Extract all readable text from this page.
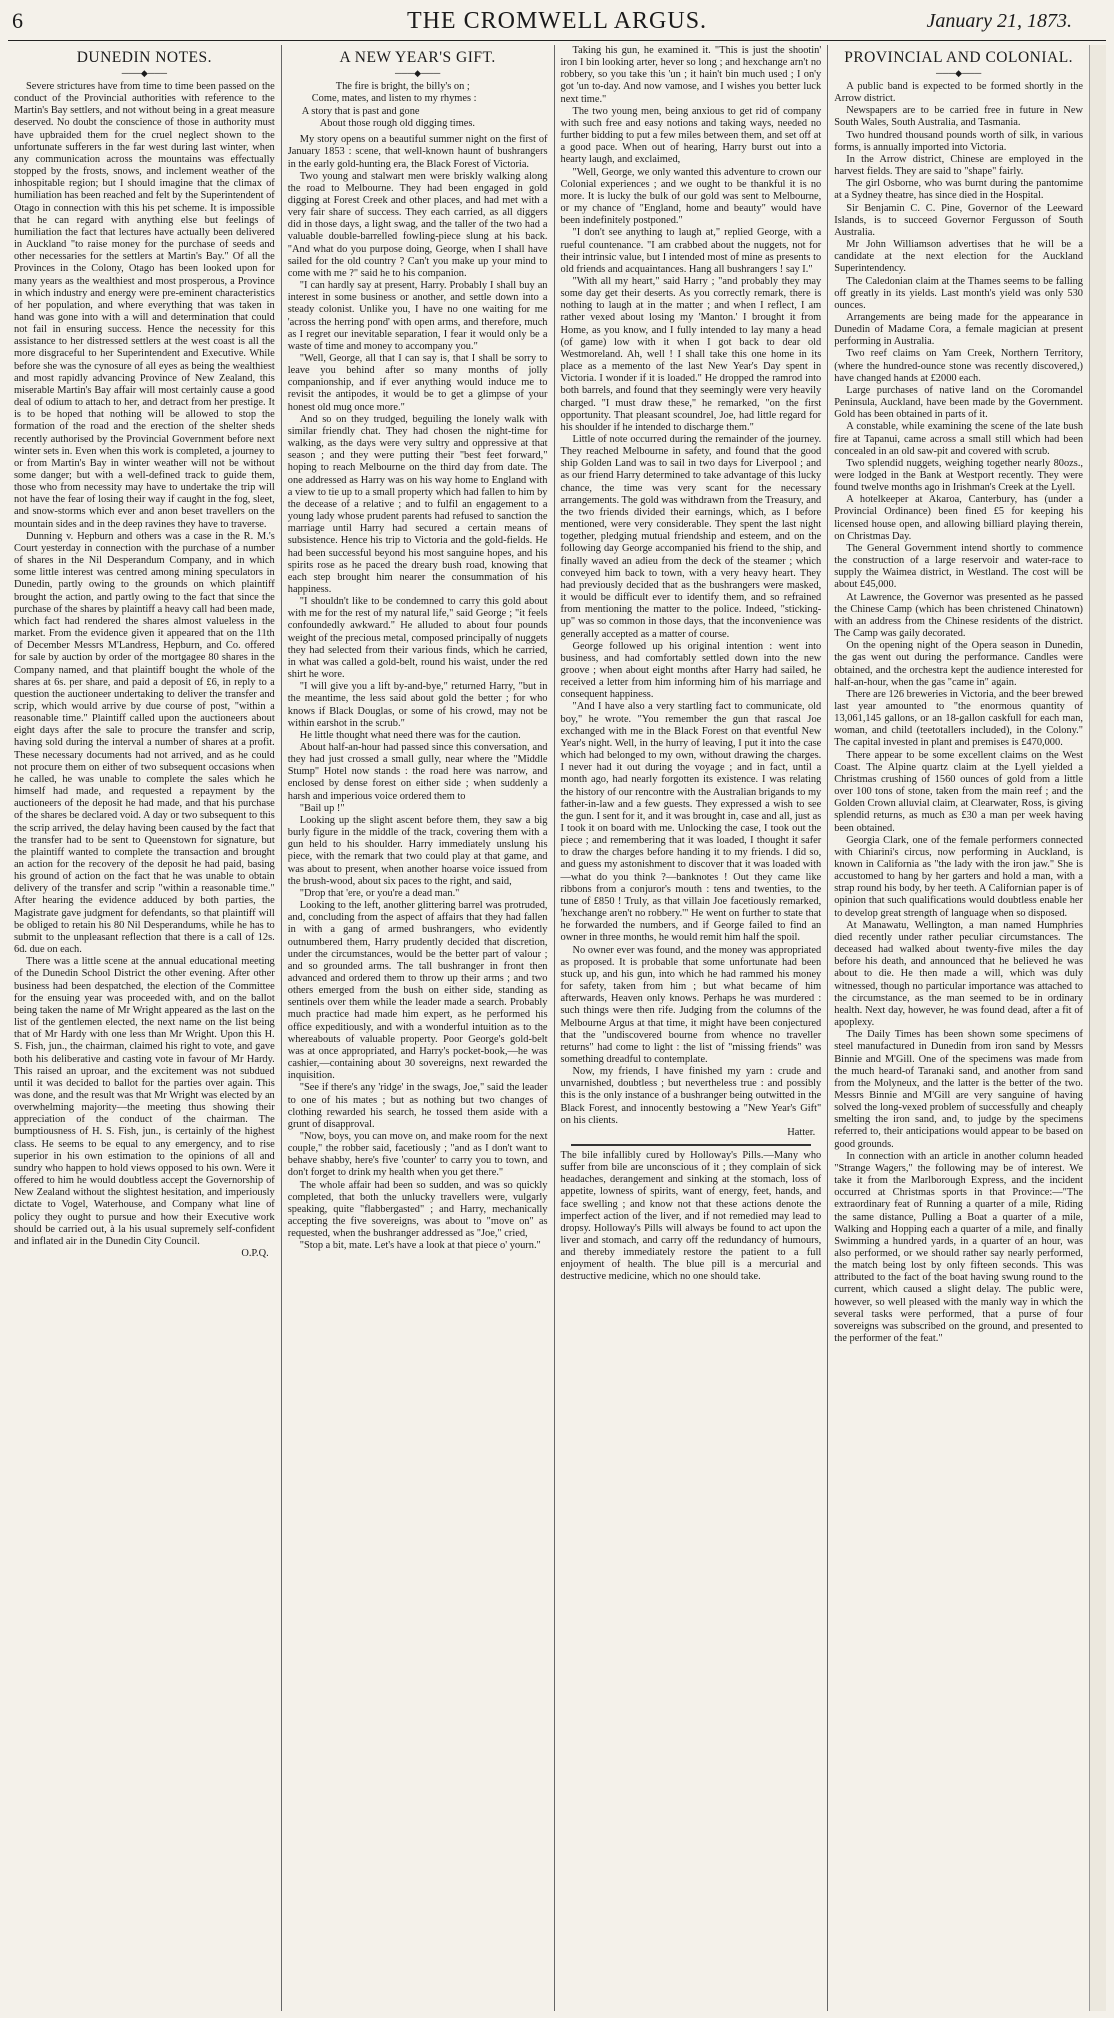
6	THE CROMWELL ARGUS.	January 21, 1873.
DUNEDIN NOTES.
───◆───

Severe strictures have from time to time been passed on the conduct of the Provincial authorities with reference to the Martin's Bay settlers, and not without being in a great measure deserved. No doubt the conscience of those in authority must have upbraided them for the cruel neglect shown to the unfortunate sufferers in the far west during last winter, when any communication across the mountains was effectually stopped by the frosts, snows, and inclement weather of the inhospitable region; but I should imagine that the climax of humiliation has been reached and felt by the Superintendent of Otago in connection with this his pet scheme. It is impossible that he can regard with anything else but feelings of humiliation the fact that lectures have actually been delivered in Auckland "to raise money for the purchase of seeds and other necessaries for the settlers at Martin's Bay." Of all the Provinces in the Colony, Otago has been looked upon for many years as the wealthiest and most prosperous, a Province in which industry and energy were pre-eminent characteristics of her population, and where everything that was taken in hand was gone into with a will and determination that could not fail in ensuring success. Hence the necessity for this assistance to her distressed settlers at the west coast is all the more disgraceful to her Superintendent and Executive. While before she was the cynosure of all eyes as being the wealthiest and most rapidly advancing Province of New Zealand, this miserable Martin's Bay affair will most certainly cause a good deal of odium to attach to her, and detract from her prestige. It is to be hoped that nothing will be allowed to stop the formation of the road and the erection of the shelter sheds recently authorised by the Provincial Government before next winter sets in. Even when this work is completed, a journey to or from Martin's Bay in winter weather will not be without some danger; but with a well-defined track to guide them, those who from necessity may have to undertake the trip will not have the fear of losing their way if caught in the fog, sleet, and snow-storms which ever and anon beset travellers on the mountain sides and in the deep ravines they have to traverse.

Dunning v. Hepburn and others was a case in the R. M.'s Court yesterday in connection with the purchase of a number of shares in the Nil Desperandum Company, and in which some little interest was centred among mining speculators in Dunedin, partly owing to the grounds on which plaintiff brought the action, and partly owing to the fact that since the purchase of the shares by plaintiff a heavy call had been made, which fact had rendered the shares almost valueless in the market. From the evidence given it appeared that on the 11th of December Messrs M'Landress, Hepburn, and Co. offered for sale by auction by order of the mortgagee 80 shares in the Company named, and that plaintiff bought the whole of the shares at 6s. per share, and paid a deposit of £6, in reply to a question the auctioneer undertaking to deliver the transfer and scrip, which would arrive by due course of post, "within a reasonable time." Plaintiff called upon the auctioneers about eight days after the sale to procure the transfer and scrip, having sold during the interval a number of shares at a profit. These necessary documents had not arrived, and as he could not procure them on either of two subsequent occasions when he called, he was unable to complete the sales which he himself had made, and requested a repayment by the auctioneers of the deposit he had made, and that his purchase of the shares be declared void. A day or two subsequent to this the scrip arrived, the delay having been caused by the fact that the transfer had to be sent to Queenstown for signature, but the plaintiff wanted to complete the transaction and brought an action for the recovery of the deposit he had paid, basing his ground of action on the fact that he was unable to obtain delivery of the transfer and scrip "within a reasonable time." After hearing the evidence adduced by both parties, the Magistrate gave judgment for defendants, so that plaintiff will be obliged to retain his 80 Nil Desperandums, while he has to submit to the unpleasant reflection that there is a call of 12s. 6d. due on each.

There was a little scene at the annual educational meeting of the Dunedin School District the other evening. After other business had been despatched, the election of the Committee for the ensuing year was proceeded with, and on the ballot being taken the name of Mr Wright appeared as the last on the list of the gentlemen elected, the next name on the list being that of Mr Hardy with one less than Mr Wright. Upon this H. S. Fish, jun., the chairman, claimed his right to vote, and gave both his deliberative and casting vote in favour of Mr Hardy. This raised an uproar, and the excitement was not subdued until it was decided to ballot for the parties over again. This was done, and the result was that Mr Wright was elected by an overwhelming majority—the meeting thus showing their appreciation of the conduct of the chairman. The bumptiousness of H. S. Fish, jun., is certainly of the highest class. He seems to be equal to any emergency, and to rise superior in his own estimation to the opinions of all and sundry who happen to hold views opposed to his own. Were it offered to him he would doubtless accept the Governorship of New Zealand without the slightest hesitation, and imperiously dictate to Vogel, Waterhouse, and Company what line of policy they ought to pursue and how their Executive work should be carried out, à la his usual supremely self-confident and inflated air in the Dunedin City Council.

O.P.Q.
A NEW YEAR'S GIFT.
───◆───
The fire is bright, the billy's on ;
Come, mates, and listen to my rhymes :
A story that is past and gone
About those rough old digging times.

My story opens on a beautiful summer night on the first of January 1853 : scene, that well-known haunt of bushrangers in the early gold-hunting era, the Black Forest of Victoria.

Two young and stalwart men were briskly walking along the road to Melbourne. They had been engaged in gold digging at Forest Creek and other places, and had met with a very fair share of success. They each carried, as all diggers did in those days, a light swag, and the taller of the two had a valuable double-barrelled fowling-piece slung at his back. "And what do you purpose doing, George, when I shall have sailed for the old country ? Can't you make up your mind to come with me ?" said he to his companion.

"I can hardly say at present, Harry. Probably I shall buy an interest in some business or another, and settle down into a steady colonist. Unlike you, I have no one waiting for me 'across the herring pond' with open arms, and therefore, much as I regret our inevitable separation, I fear it would only be a waste of time and money to accompany you."

"Well, George, all that I can say is, that I shall be sorry to leave you behind after so many months of jolly companionship, and if ever anything would induce me to revisit the antipodes, it would be to get a glimpse of your honest old mug once more."

And so on they trudged, beguiling the lonely walk with similar friendly chat. They had chosen the night-time for walking, as the days were very sultry and oppressive at that season ; and they were putting their "best feet forward," hoping to reach Melbourne on the third day from date. The one addressed as Harry was on his way home to England with a view to tie up to a small property which had fallen to him by the decease of a relative ; and to fulfil an engagement to a young lady whose prudent parents had refused to sanction the marriage until Harry had secured a certain means of subsistence. Hence his trip to Victoria and the gold-fields. He had been successful beyond his most sanguine hopes, and his spirits rose as he paced the dreary bush road, knowing that each step brought him nearer the consummation of his happiness.

"I shouldn't like to be condemned to carry this gold about with me for the rest of my natural life," said George ; "it feels confoundedly awkward." He alluded to about four pounds weight of the precious metal, composed principally of nuggets they had selected from their various finds, which he carried, in what was called a gold-belt, round his waist, under the red shirt he wore.

"I will give you a lift by-and-bye," returned Harry, "but in the meantime, the less said about gold the better ; for who knows if Black Douglas, or some of his crowd, may not be within earshot in the scrub."

He little thought what need there was for the caution.

About half-an-hour had passed since this conversation, and they had just crossed a small gully, near where the "Middle Stump" Hotel now stands : the road here was narrow, and enclosed by dense forest on either side ; when suddenly a harsh and imperious voice ordered them to

"Bail up !"

Looking up the slight ascent before them, they saw a big burly figure in the middle of the track, covering them with a gun held to his shoulder. Harry immediately unslung his piece, with the remark that two could play at that game, and was about to present, when another hoarse voice issued from the brush-wood, about six paces to the right, and said,

"Drop that 'ere, or you're a dead man."

Looking to the left, another glittering barrel was protruded, and, concluding from the aspect of affairs that they had fallen in with a gang of armed bushrangers, who evidently outnumbered them, Harry prudently decided that discretion, under the circumstances, would be the better part of valour ; and so grounded arms. The tall bushranger in front then advanced and ordered them to throw up their arms ; and two others emerged from the bush on either side, standing as sentinels over them while the leader made a search. Probably much practice had made him expert, as he performed his office expeditiously, and with a wonderful intuition as to the whereabouts of valuable property. Poor George's gold-belt was at once appropriated, and Harry's pocket-book,—he was cashier,—containing about 30 sovereigns, next rewarded the inquisition.

"See if there's any 'ridge' in the swags, Joe," said the leader to one of his mates ; but as nothing but two changes of clothing rewarded his search, he tossed them aside with a grunt of disapproval.

"Now, boys, you can move on, and make room for the next couple," the robber said, facetiously ; "and as I don't want to behave shabby, here's five 'counter' to carry you to town, and don't forget to drink my health when you get there."

The whole affair had been so sudden, and was so quickly completed, that both the unlucky travellers were, vulgarly speaking, quite "flabbergasted" ; and Harry, mechanically accepting the five sovereigns, was about to "move on" as requested, when the bushranger addressed as "Joe," cried,

"Stop a bit, mate. Let's have a look at that piece o' yourn."

Taking his gun, he examined it. "This is just the shootin' iron I bin looking arter, hever so long ; and hexchange arn't no robbery, so you take this 'un ; it hain't bin much used ; I on'y got 'un to-day. And now vamose, and I wishes you better luck next time."

The two young men, being anxious to get rid of company with such free and easy notions and taking ways, needed no further bidding to put a few miles between them, and set off at a good pace. When out of hearing, Harry burst out into a hearty laugh, and exclaimed,

"Well, George, we only wanted this adventure to crown our Colonial experiences ; and we ought to be thankful it is no more. It is lucky the bulk of our gold was sent to Melbourne, or my chance of "England, home and beauty" would have been indefinitely postponed."

"I don't see anything to laugh at," replied George, with a rueful countenance. "I am crabbed about the nuggets, not for their intrinsic value, but I intended most of mine as presents to old friends and acquaintances. Hang all bushrangers ! say I."

"With all my heart," said Harry ; "and probably they may some day get their deserts. As you correctly remark, there is nothing to laugh at in the matter ; and when I reflect, I am rather vexed about losing my 'Manton.' I brought it from Home, as you know, and I fully intended to lay many a head (of game) low with it when I got back to dear old Westmoreland. Ah, well ! I shall take this one home in its place as a memento of the last New Year's Day spent in Victoria. I wonder if it is loaded." He dropped the ramrod into both barrels, and found that they seemingly were very heavily charged. "I must draw these," he remarked, "on the first opportunity. That pleasant scoundrel, Joe, had little regard for his shoulder if he intended to discharge them."

Little of note occurred during the remainder of the journey. They reached Melbourne in safety, and found that the good ship Golden Land was to sail in two days for Liverpool ; and as our friend Harry determined to take advantage of this lucky chance, the time was very scant for the necessary arrangements. The gold was withdrawn from the Treasury, and the two friends divided their earnings, which, as I before mentioned, were very considerable. They spent the last night together, pledging mutual friendship and esteem, and on the following day George accompanied his friend to the ship, and finally waved an adieu from the deck of the steamer ; which conveyed him back to town, with a very heavy heart. They had previously decided that as the bushrangers were masked, it would be difficult ever to identify them, and so refrained from mentioning the matter to the police. Indeed, "sticking-up" was so common in those days, that the inconvenience was generally accepted as a matter of course.

George followed up his original intention : went into business, and had comfortably settled down into the new groove ; when about eight months after Harry had sailed, he received a letter from him informing him of his marriage and consequent happiness.

"And I have also a very startling fact to communicate, old boy," he wrote. "You remember the gun that rascal Joe exchanged with me in the Black Forest on that eventful New Year's night. Well, in the hurry of leaving, I put it into the case which had belonged to my own, without drawing the charges. I never had it out during the voyage ; and in fact, until a month ago, had nearly forgotten its existence. I was relating the history of our rencontre with the Australian brigands to my father-in-law and a few guests. They expressed a wish to see the gun. I sent for it, and it was brought in, case and all, just as I took it on board with me. Unlocking the case, I took out the piece ; and remembering that it was loaded, I thought it safer to draw the charges before handing it to my friends. I did so, and guess my astonishment to discover that it was loaded with—what do you think ?—banknotes ! Out they came like ribbons from a conjuror's mouth : tens and twenties, to the tune of £850 ! Truly, as that villain Joe facetiously remarked, 'hexchange aren't no robbery.'" He went on further to state that he forwarded the numbers, and if George failed to find an owner in three months, he would remit him half the spoil.

No owner ever was found, and the money was appropriated as proposed. It is probable that some unfortunate had been stuck up, and his gun, into which he had rammed his money for safety, taken from him ; but what became of him afterwards, Heaven only knows. Perhaps he was murdered : such things were then rife. Judging from the columns of the Melbourne Argus at that time, it might have been conjectured that the "undiscovered bourne from whence no traveller returns" had come to light : the list of "missing friends" was something dreadful to contemplate.

Now, my friends, I have finished my yarn : crude and unvarnished, doubtless ; but nevertheless true : and possibly this is the only instance of a bushranger being outwitted in the Black Forest, and innocently bestowing a "New Year's Gift" on his clients.

Hatter.
The bile infallibly cured by Holloway's Pills.—Many who suffer from bile are unconscious of it ; they complain of sick headaches, derangement and sinking at the stomach, loss of appetite, lowness of spirits, want of energy, feet, hands, and face swelling ; and know not that these actions denote the imperfect action of the liver, and if not remedied may lead to dropsy. Holloway's Pills will always be found to act upon the liver and stomach, and carry off the redundancy of humours, and thereby immediately restore the patient to a full enjoyment of health. The blue pill is a mercurial and destructive medicine, which no one should take.
PROVINCIAL AND COLONIAL.
───◆───

A public band is expected to be formed shortly in the Arrow district.

Newspapers are to be carried free in future in New South Wales, South Australia, and Tasmania.

Two hundred thousand pounds worth of silk, in various forms, is annually imported into Victoria.

In the Arrow district, Chinese are employed in the harvest fields. They are said to "shape" fairly.

The girl Osborne, who was burnt during the pantomime at a Sydney theatre, has since died in the Hospital.

Sir Benjamin C. C. Pine, Governor of the Leeward Islands, is to succeed Governor Fergusson of South Australia.

Mr John Williamson advertises that he will be a candidate at the next election for the Auckland Superintendency.

The Caledonian claim at the Thames seems to be falling off greatly in its yields. Last month's yield was only 530 ounces.

Arrangements are being made for the appearance in Dunedin of Madame Cora, a female magician at present performing in Australia.

Two reef claims on Yam Creek, Northern Territory, (where the hundred-ounce stone was recently discovered,) have changed hands at £2000 each.

Large purchases of native land on the Coromandel Peninsula, Auckland, have been made by the Government. Gold has been obtained in parts of it.

A constable, while examining the scene of the late bush fire at Tapanui, came across a small still which had been concealed in an old saw-pit and covered with scrub.

Two splendid nuggets, weighing together nearly 80ozs., were lodged in the Bank at Westport recently. They were found twelve months ago in Irishman's Creek at the Lyell.

A hotelkeeper at Akaroa, Canterbury, has (under a Provincial Ordinance) been fined £5 for keeping his licensed house open, and allowing billiard playing therein, on Christmas Day.

The General Government intend shortly to commence the construction of a large reservoir and water-race to supply the Waimea district, in Westland. The cost will be about £45,000.

At Lawrence, the Governor was presented as he passed the Chinese Camp (which has been christened Chinatown) with an address from the Chinese residents of the district. The Camp was gaily decorated.

On the opening night of the Opera season in Dunedin, the gas went out during the performance. Candles were obtained, and the orchestra kept the audience interested for half-an-hour, when the gas "came in" again.

There are 126 breweries in Victoria, and the beer brewed last year amounted to "the enormous quantity of 13,061,145 gallons, or an 18-gallon caskfull for each man, woman, and child (teetotallers included), in the Colony." The capital invested in plant and premises is £470,000.

There appear to be some excellent claims on the West Coast. The Alpine quartz claim at the Lyell yielded a Christmas crushing of 1560 ounces of gold from a little over 100 tons of stone, taken from the main reef ; and the Golden Crown alluvial claim, at Clearwater, Ross, is giving splendid returns, as much as £30 a man per week having been obtained.

Georgia Clark, one of the female performers connected with Chiarini's circus, now performing in Auckland, is known in California as "the lady with the iron jaw." She is accustomed to hang by her garters and hold a man, with a strap round his body, by her teeth. A Californian paper is of opinion that such qualifications would doubtless enable her to develop great strength of language when so disposed.

At Manawatu, Wellington, a man named Humphries died recently under rather peculiar circumstances. The deceased had walked about twenty-five miles the day before his death, and announced that he believed he was about to die. He then made a will, which was duly witnessed, though no particular importance was attached to the circumstance, as the man seemed to be in ordinary health. Next day, however, he was found dead, after a fit of apoplexy.

The Daily Times has been shown some specimens of steel manufactured in Dunedin from iron sand by Messrs Binnie and M'Gill. One of the specimens was made from the much heard-of Taranaki sand, and another from sand from the Molyneux, and the latter is the better of the two. Messrs Binnie and M'Gill are very sanguine of having solved the long-vexed problem of successfully and cheaply smelting the iron sand, and, to judge by the specimens referred to, their anticipations would appear to be based on good grounds.

In connection with an article in another column headed "Strange Wagers," the following may be of interest. We take it from the Marlborough Express, and the incident occurred at Christmas sports in that Province:—"The extraordinary feat of Running a quarter of a mile, Riding the same distance, Pulling a Boat a quarter of a mile, Walking and Hopping each a quarter of a mile, and finally Swimming a hundred yards, in a quarter of an hour, was also performed, or we should rather say nearly performed, the match being lost by only fifteen seconds. This was attributed to the fact of the boat having swung round to the current, which caused a slight delay. The public were, however, so well pleased with the manly way in which the several tasks were performed, that a purse of four sovereigns was subscribed on the ground, and presented to the performer of the feat."
